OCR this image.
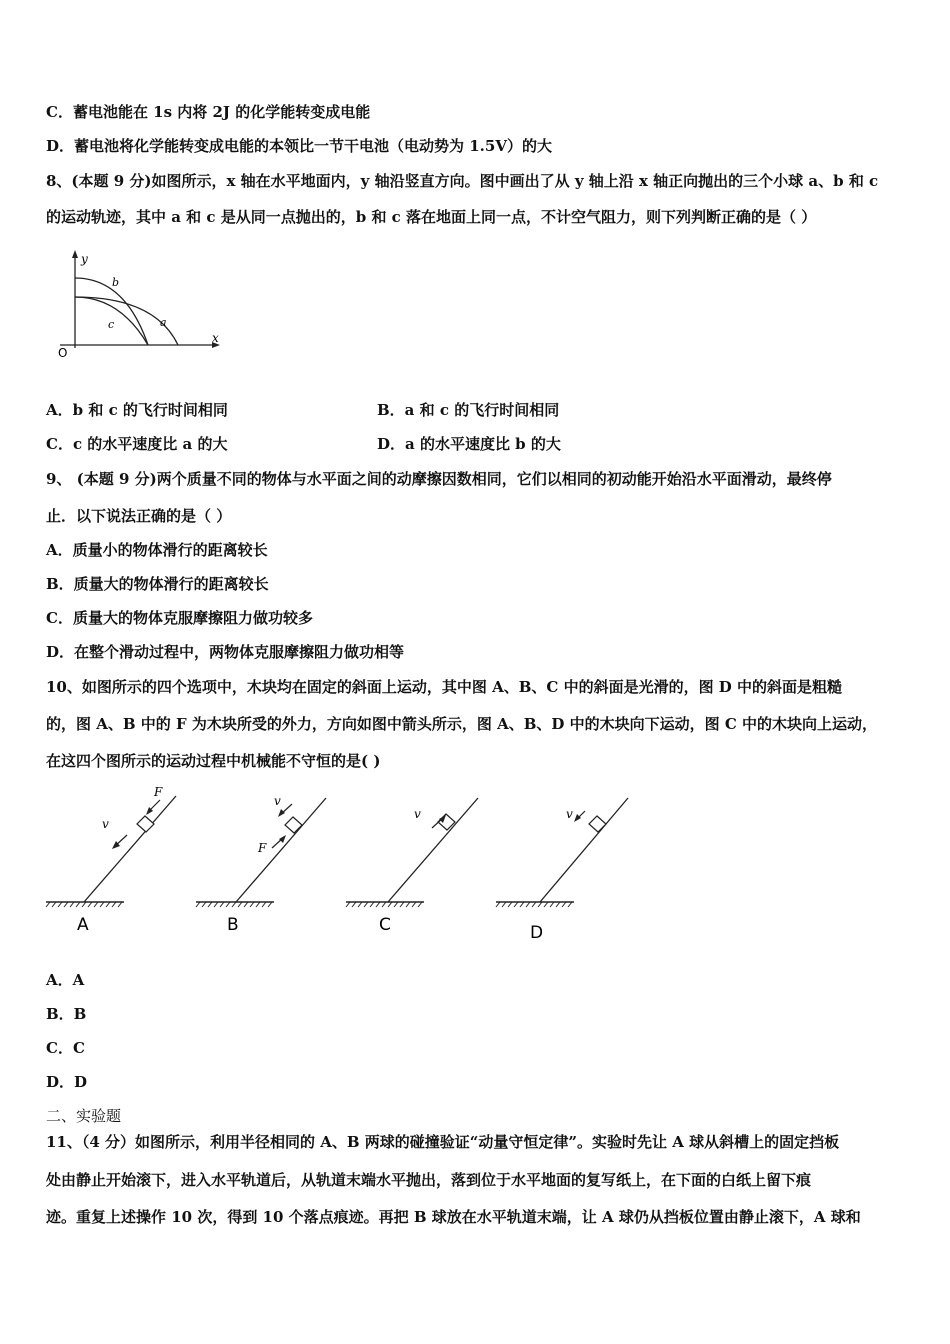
C．蓄电池能在 1s 内将 2J 的化学能转变成电能
D．蓄电池将化学能转变成电能的本领比一节干电池（电动势为 1.5V）的大
8、(本题 9 分)如图所示，x 轴在水平地面内，y 轴沿竖直方向。图中画出了从 y 轴上沿 x 轴正向抛出的三个小球 a、b 和 c
的运动轨迹，其中 a 和 c 是从同一点抛出的，b 和 c 落在地面上同一点，不计空气阻力，则下列判断正确的是（ ）
y
x
O
b
a
c
A．b 和 c 的飞行时间相同	B．a 和 c 的飞行时间相同
C．c 的水平速度比 a 的大	D．a 的水平速度比 b 的大
9、 (本题 9 分)两个质量不同的物体与水平面之间的动摩擦因数相同，它们以相同的初动能开始沿水平面滑动，最终停
止．以下说法正确的是（ ）
A．质量小的物体滑行的距离较长
B．质量大的物体滑行的距离较长
C．质量大的物体克服摩擦阻力做功较多
D．在整个滑动过程中，两物体克服摩擦阻力做功相等
10、如图所示的四个选项中，木块均在固定的斜面上运动，其中图 A、B、C 中的斜面是光滑的，图 D 中的斜面是粗糙
的，图 A、B 中的 F 为木块所受的外力，方向如图中箭头所示，图 A、B、D 中的木块向下运动，图 C 中的木块向上运动，
在这四个图所示的运动过程中机械能不守恒的是( )
v
F
A
v
F
B
v
C
v
D
A．A
B．B
C．C
D．D
二、实验题
11、（4 分）如图所示，利用半径相同的 A、B 两球的碰撞验证“动量守恒定律”。实验时先让 A 球从斜槽上的固定挡板
处由静止开始滚下，进入水平轨道后，从轨道末端水平抛出，落到位于水平地面的复写纸上，在下面的白纸上留下痕
迹。重复上述操作 10 次，得到 10 个落点痕迹。再把 B 球放在水平轨道末端，让 A 球仍从挡板位置由静止滚下，A 球和
